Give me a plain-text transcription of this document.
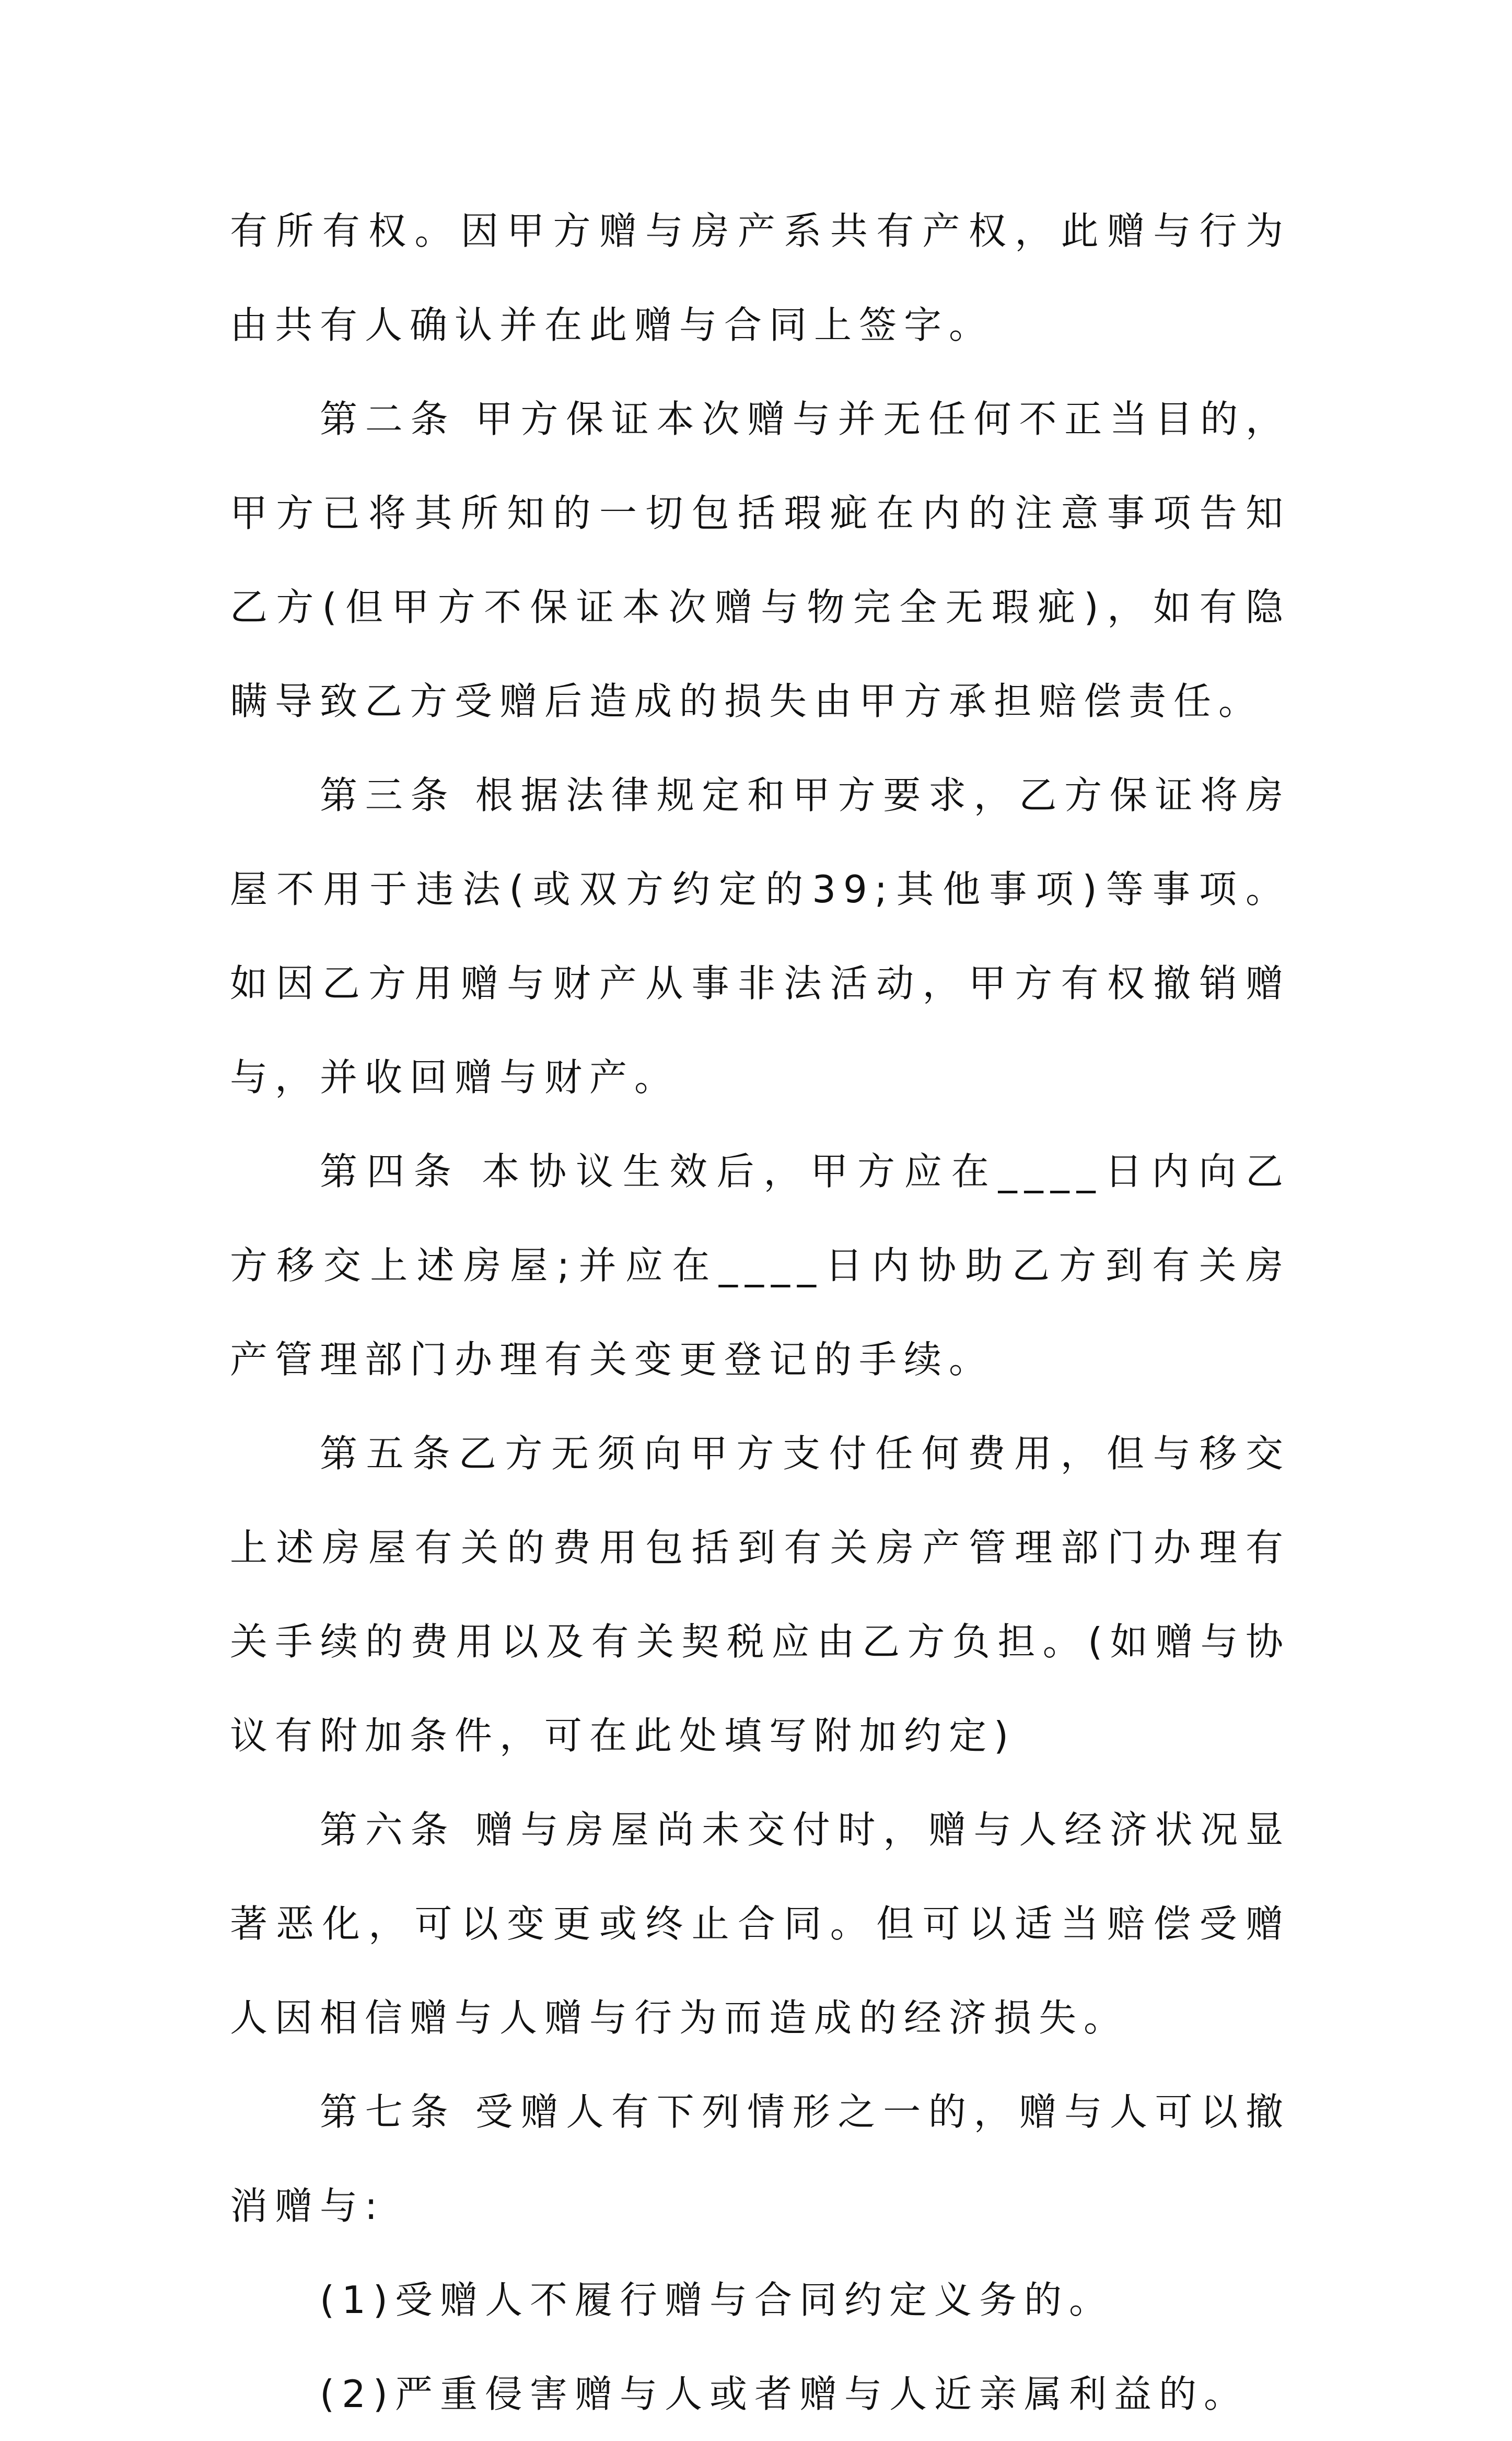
有所有权。因甲方赠与房产系共有产权，此赠与行为由共有人确认并在此赠与合同上签字。

第二条 甲方保证本次赠与并无任何不正当目的，甲方已将其所知的一切包括瑕疵在内的注意事项告知乙方(但甲方不保证本次赠与物完全无瑕疵)，如有隐瞒导致乙方受赠后造成的损失由甲方承担赔偿责任。

第三条 根据法律规定和甲方要求，乙方保证将房屋不用于违法(或双方约定的39;其他事项)等事项。如因乙方用赠与财产从事非法活动，甲方有权撤销赠与，并收回赠与财产。

第四条 本协议生效后，甲方应在____日内向乙方移交上述房屋;并应在____日内协助乙方到有关房产管理部门办理有关变更登记的手续。

第五条乙方无须向甲方支付任何费用，但与移交上述房屋有关的费用包括到有关房产管理部门办理有关手续的费用以及有关契税应由乙方负担。(如赠与协议有附加条件，可在此处填写附加约定)

第六条 赠与房屋尚未交付时，赠与人经济状况显著恶化，可以变更或终止合同。但可以适当赔偿受赠人因相信赠与人赠与行为而造成的经济损失。

第七条 受赠人有下列情形之一的，赠与人可以撤消赠与:

(1)受赠人不履行赠与合同约定义务的。

(2)严重侵害赠与人或者赠与人近亲属利益的。
